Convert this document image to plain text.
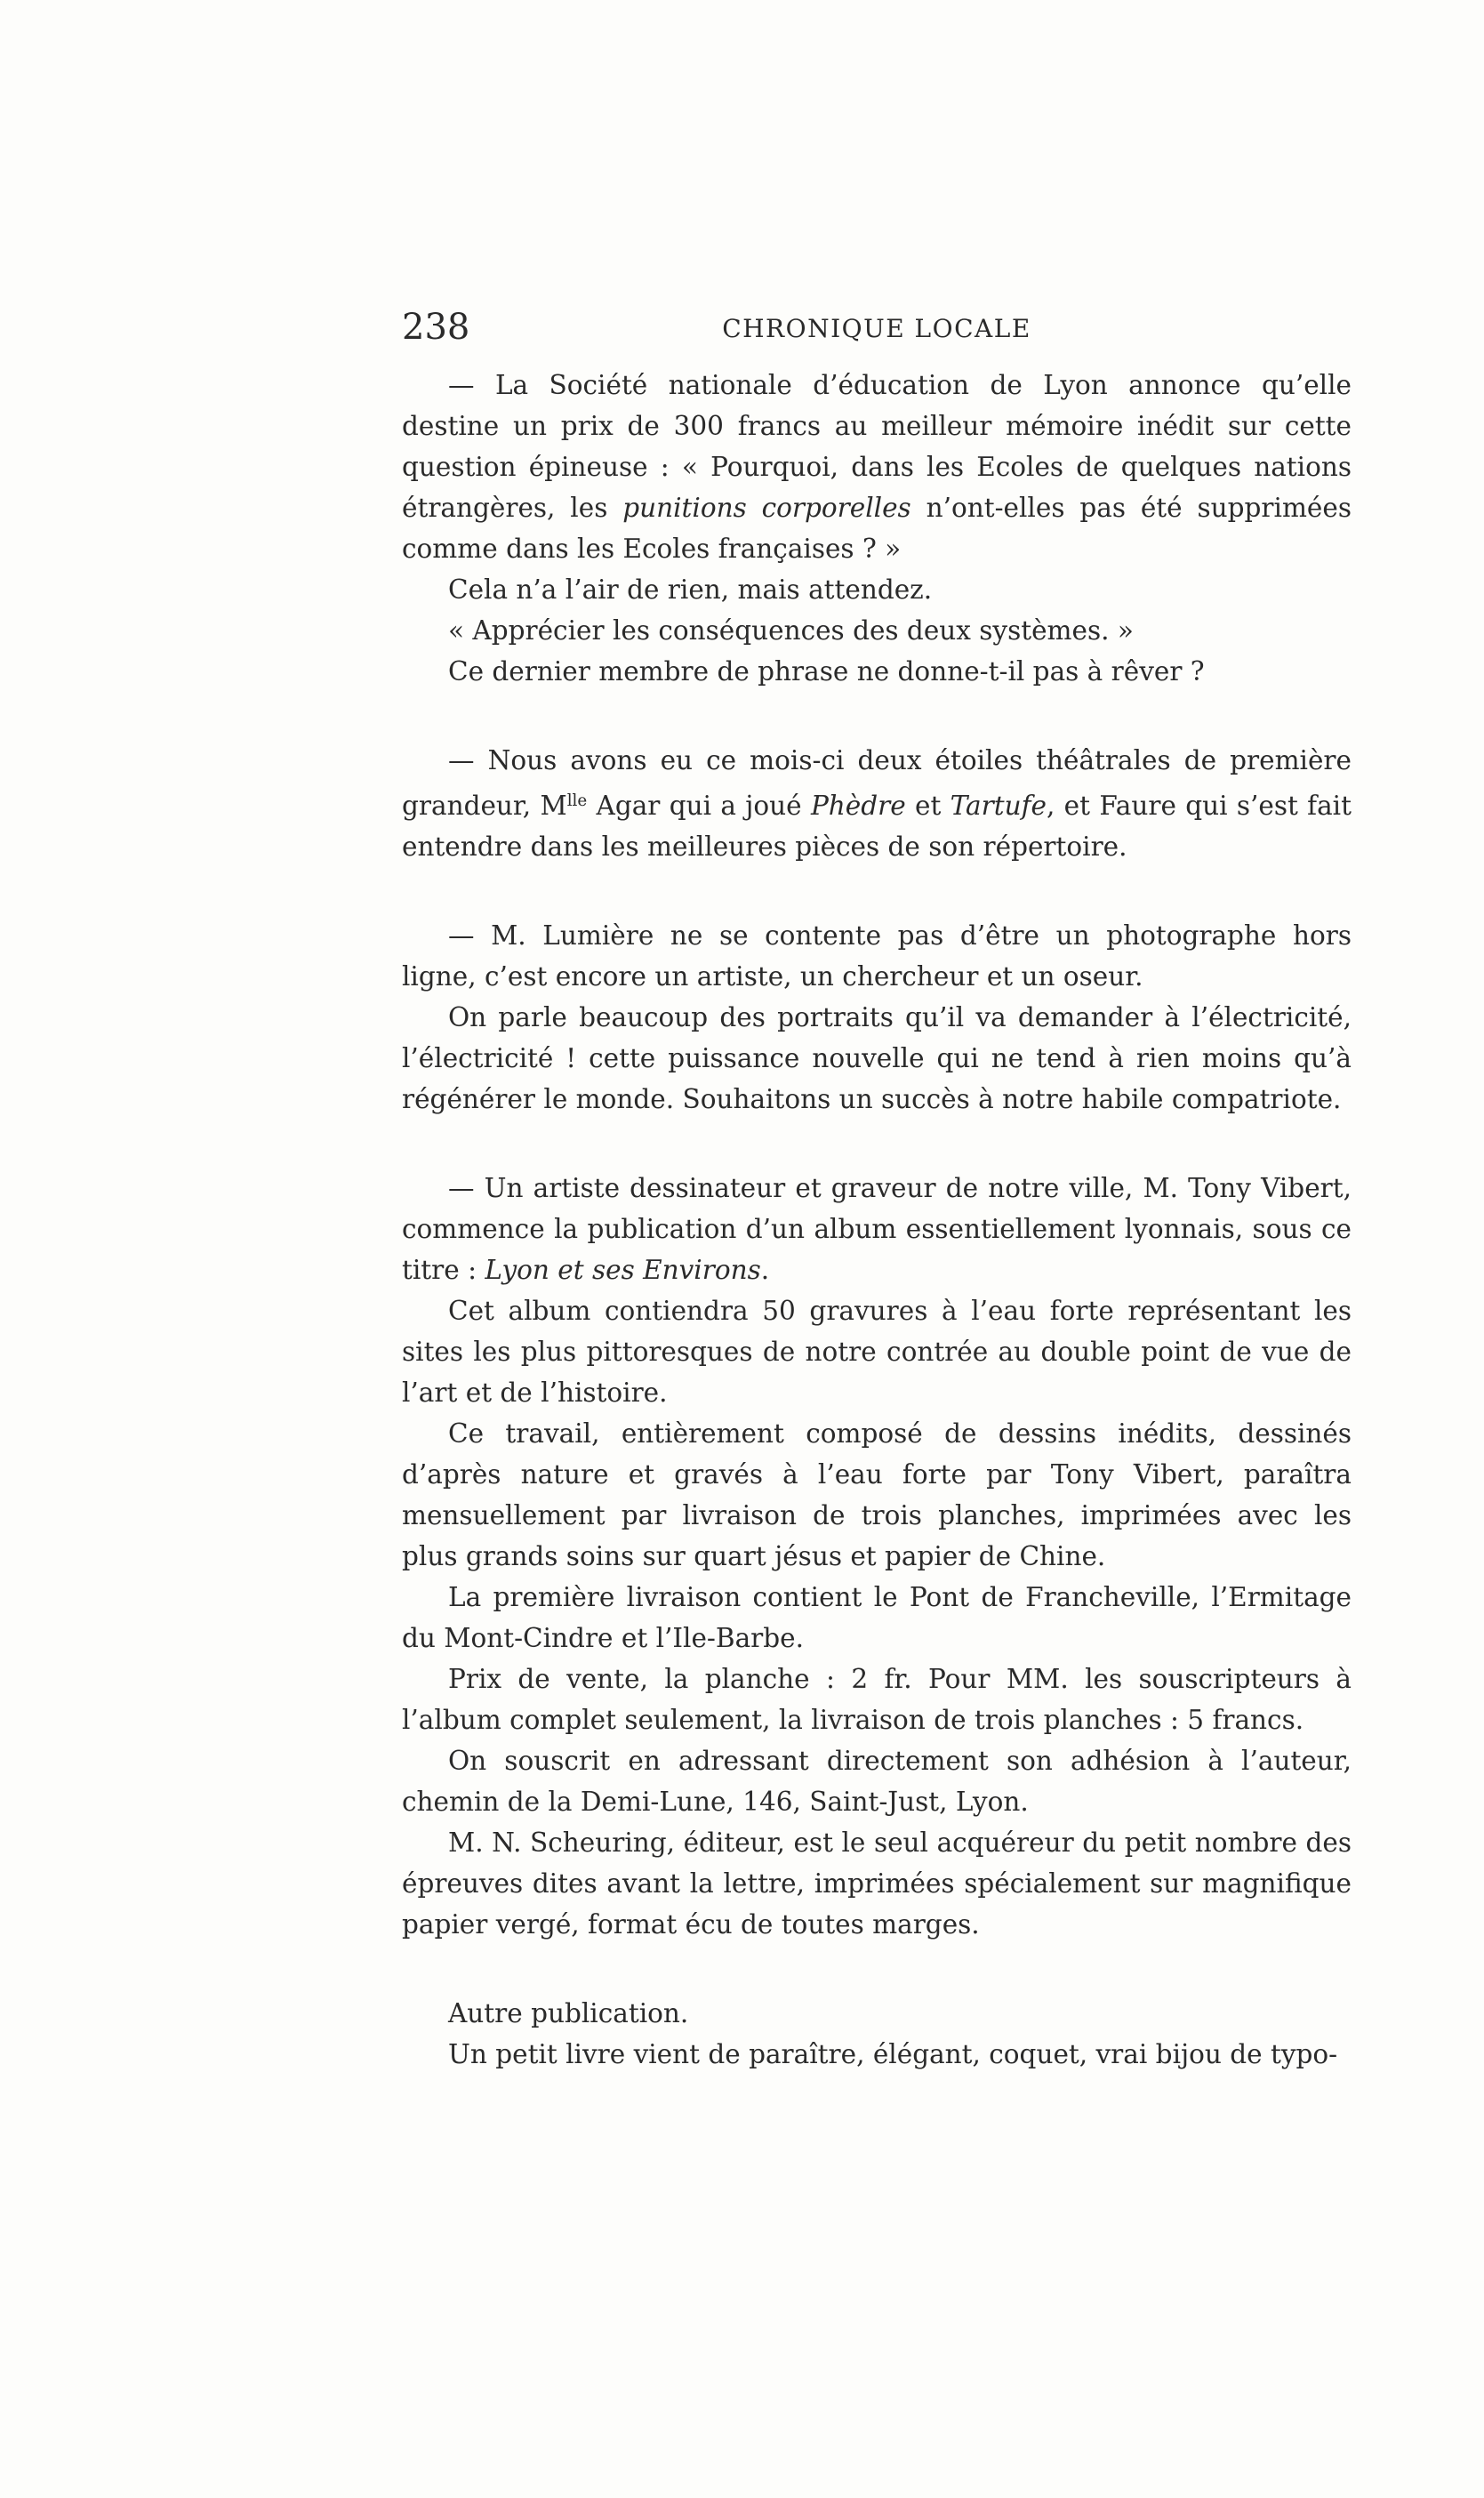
238	CHRONIQUE LOCALE

— La Société nationale d’éducation de Lyon annonce qu’elle destine un prix de 300 francs au meilleur mémoire inédit sur cette question épineuse : « Pourquoi, dans les Ecoles de quelques nations étrangères, les punitions corporelles n’ont-elles pas été supprimées comme dans les Ecoles françaises ? »

Cela n’a l’air de rien, mais attendez.

« Apprécier les conséquences des deux systèmes. »

Ce dernier membre de phrase ne donne-t-il pas à rêver ?

— Nous avons eu ce mois-ci deux étoiles théâtrales de première grandeur, $M^{lle}$ Agar qui a joué Phèdre et Tartufe, et Faure qui s’est fait entendre dans les meilleures pièces de son répertoire.

— M. Lumière ne se contente pas d’être un photographe hors ligne, c’est encore un artiste, un chercheur et un oseur.

On parle beaucoup des portraits qu’il va demander à l’électricité, l’électricité ! cette puissance nouvelle qui ne tend à rien moins qu’à régénérer le monde. Souhaitons un succès à notre habile compatriote.

— Un artiste dessinateur et graveur de notre ville, M. Tony Vibert, commence la publication d’un album essentiellement lyonnais, sous ce titre : Lyon et ses Environs.

Cet album contiendra 50 gravures à l’eau forte représentant les sites les plus pittoresques de notre contrée au double point de vue de l’art et de l’histoire.

Ce travail, entièrement composé de dessins inédits, dessinés d’après nature et gravés à l’eau forte par Tony Vibert, paraîtra mensuellement par livraison de trois planches, imprimées avec les plus grands soins sur quart jésus et papier de Chine.

La première livraison contient le Pont de Francheville, l’Ermitage du Mont-Cindre et l’Ile-Barbe.

Prix de vente, la planche : 2 fr. Pour MM. les souscripteurs à l’album complet seulement, la livraison de trois planches : 5 francs.

On souscrit en adressant directement son adhésion à l’auteur, chemin de la Demi-Lune, 146, Saint-Just, Lyon.

M. N. Scheuring, éditeur, est le seul acquéreur du petit nombre des épreuves dites avant la lettre, imprimées spécialement sur magnifique papier vergé, format écu de toutes marges.

Autre publication.

Un petit livre vient de paraître, élégant, coquet, vrai bijou de typo-
